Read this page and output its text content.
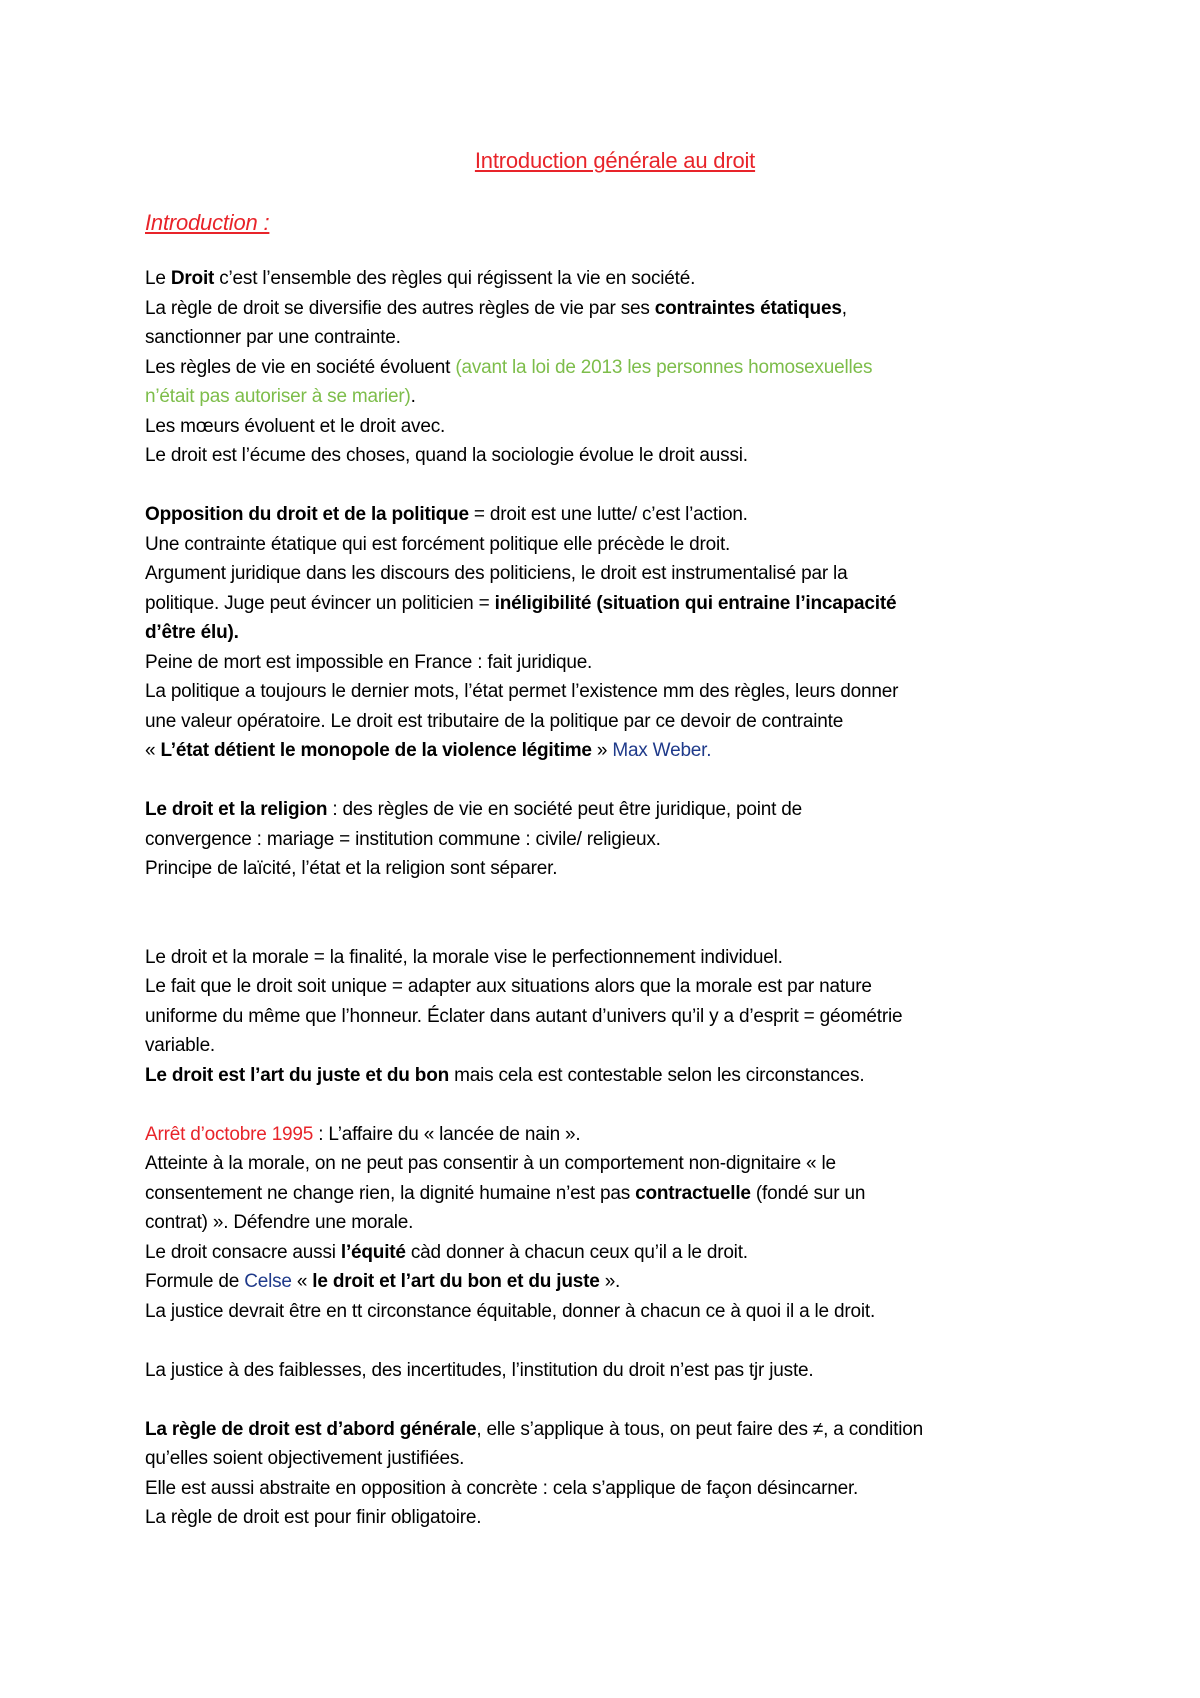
Introduction générale au droit
Introduction :

Le Droit c’est l’ensemble des règles qui régissent la vie en société.

La règle de droit se diversifie des autres règles de vie par ses contraintes étatiques,

sanctionner par une contrainte.

Les règles de vie en société évoluent (avant la loi de 2013 les personnes homosexuelles

n’était pas autoriser à se marier).

Les mœurs évoluent et le droit avec.

Le droit est l’écume des choses, quand la sociologie évolue le droit aussi.

Opposition du droit et de la politique = droit est une lutte/ c’est l’action.

Une contrainte étatique qui est forcément politique elle précède le droit.

Argument juridique dans les discours des politiciens, le droit est instrumentalisé par la

politique. Juge peut évincer un politicien = inéligibilité (situation qui entraine l’incapacité

d’être élu).

Peine de mort est impossible en France : fait juridique.

La politique a toujours le dernier mots, l’état permet l’existence mm des règles, leurs donner

une valeur opératoire. Le droit est tributaire de la politique par ce devoir de contrainte

« L’état détient le monopole de la violence légitime » Max Weber.

Le droit et la religion : des règles de vie en société peut être juridique, point de

convergence : mariage = institution commune : civile/ religieux.

Principe de laïcité, l’état et la religion sont séparer.

Le droit et la morale = la finalité, la morale vise le perfectionnement individuel.

Le fait que le droit soit unique = adapter aux situations alors que la morale est par nature

uniforme du même que l’honneur. Éclater dans autant d’univers qu’il y a d’esprit = géométrie

variable.

Le droit est l’art du juste et du bon mais cela est contestable selon les circonstances.

Arrêt d’octobre 1995 : L’affaire du « lancée de nain ».

Atteinte à la morale, on ne peut pas consentir à un comportement non-dignitaire « le

consentement ne change rien, la dignité humaine n’est pas contractuelle (fondé sur un

contrat) ». Défendre une morale.

Le droit consacre aussi l’équité càd donner à chacun ceux qu’il a le droit.

Formule de Celse « le droit et l’art du bon et du juste ».

La justice devrait être en tt circonstance équitable, donner à chacun ce à quoi il a le droit.

La justice à des faiblesses, des incertitudes, l’institution du droit n’est pas tjr juste.

La règle de droit est d’abord générale, elle s’applique à tous, on peut faire des ≠, a condition

qu’elles soient objectivement justifiées.

Elle est aussi abstraite en opposition à concrète : cela s’applique de façon désincarner.

La règle de droit est pour finir obligatoire.
